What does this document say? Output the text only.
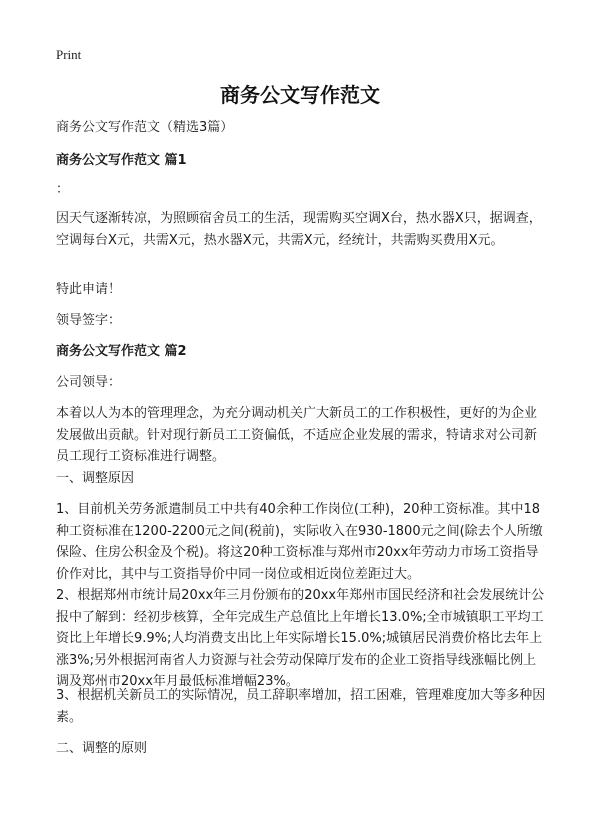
Print
商务公文写作范文
商务公文写作范文（精选3篇）
商务公文写作范文 篇1
：
因天气逐渐转凉，为照顾宿舍员工的生活，现需购买空调X台，热水器X只，据调查，空调每台X元，共需X元，热水器X元，共需X元，经统计，共需购买费用X元。
特此申请！
领导签字：
商务公文写作范文 篇2
公司领导：
本着以人为本的管理理念，为充分调动机关广大新员工的工作积极性，更好的为企业发展做出贡献。针对现行新员工工资偏低，不适应企业发展的需求，特请求对公司新员工现行工资标准进行调整。
一、调整原因
1、目前机关劳务派遣制员工中共有40余种工作岗位(工种)，20种工资标准。其中18种工资标准在1200-2200元之间(税前)，实际收入在930-1800元之间(除去个人所缴保险、住房公积金及个税)。将这20种工资标准与郑州市20xx年劳动力市场工资指导价作对比，其中与工资指导价中同一岗位或相近岗位差距过大。
2、根据郑州市统计局20xx年三月份颁布的20xx年郑州市国民经济和社会发展统计公报中了解到：经初步核算，全年完成生产总值比上年增长13.0%;全市城镇职工平均工资比上年增长9.9%;人均消费支出比上年实际增长15.0%;城镇居民消费价格比去年上涨3%;另外根据河南省人力资源与社会劳动保障厅发布的企业工资指导线涨幅比例上调及郑州市20xx年月最低标准增幅23%。
3、根据机关新员工的实际情况，员工辞职率增加，招工困难，管理难度加大等多种因素。
二、调整的原则
